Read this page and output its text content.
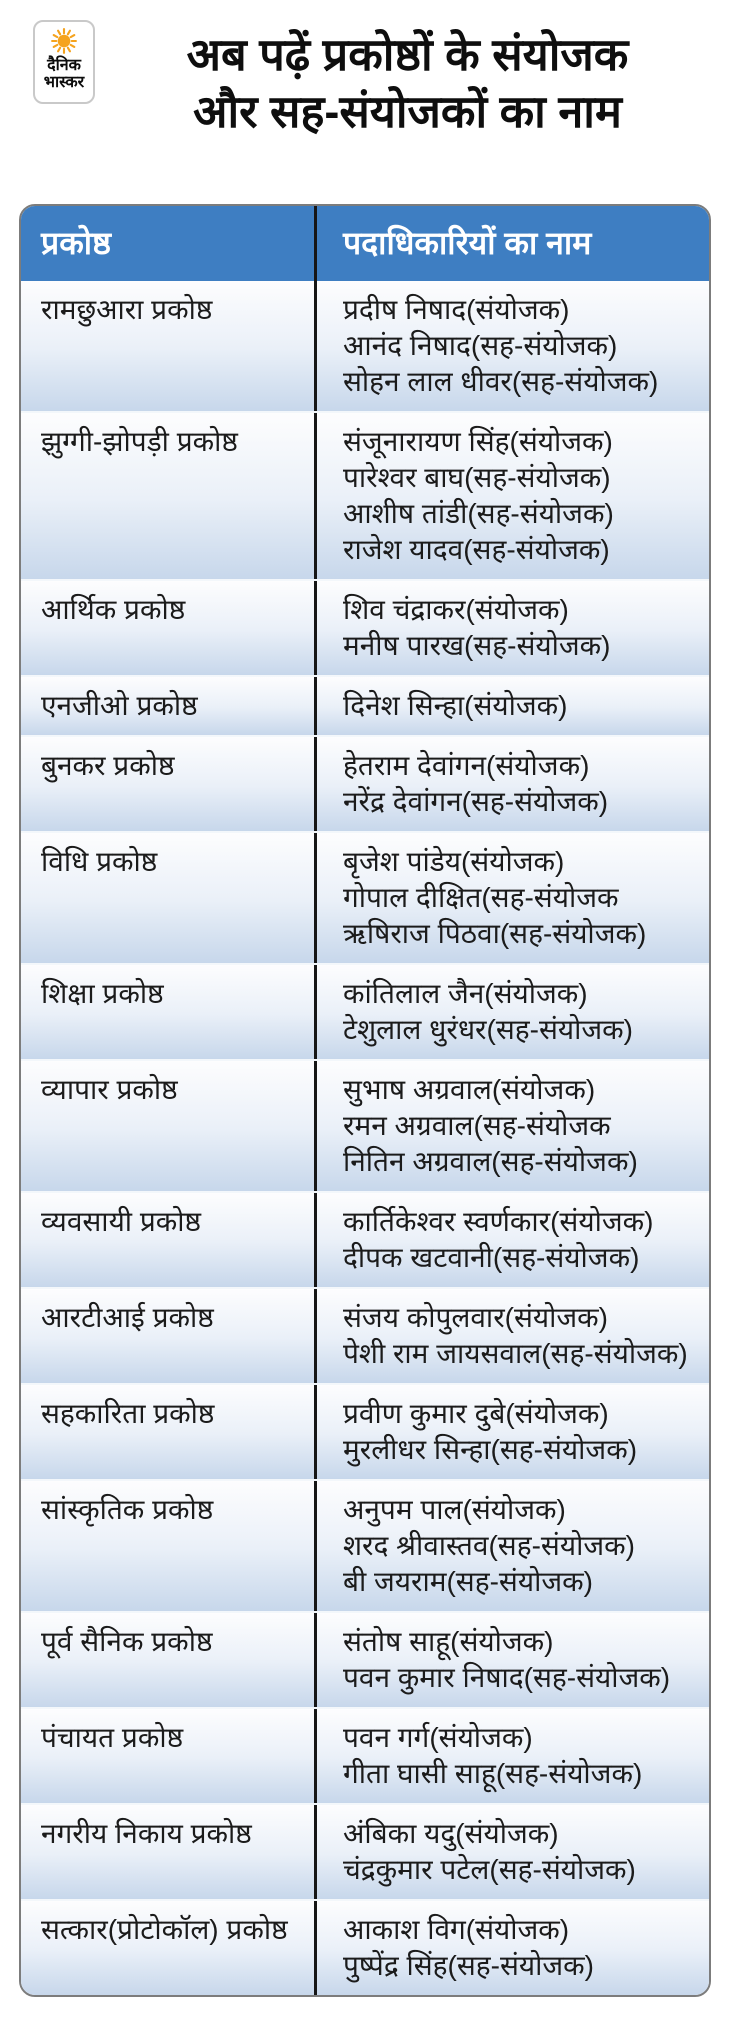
दैनिक
भास्कर
अब पढ़ें प्रकोष्ठों के संयोजक
और सह-संयोजकों का नाम
प्रकोष्ठ	पदाधिकारियों का नाम
रामछुआरा प्रकोष्ठ	प्रदीष निषाद(संयोजक)
आनंद निषाद(सह-संयोजक)
सोहन लाल धीवर(सह-संयोजक)
झुग्गी-झोपड़ी प्रकोष्ठ	संजूनारायण सिंह(संयोजक)
पारेश्वर बाघ(सह-संयोजक)
आशीष तांडी(सह-संयोजक)
राजेश यादव(सह-संयोजक)
आर्थिक प्रकोष्ठ	शिव चंद्राकर(संयोजक)
मनीष पारख(सह-संयोजक)
एनजीओ प्रकोष्ठ	दिनेश सिन्हा(संयोजक)
बुनकर प्रकोष्ठ	हेतराम देवांगन(संयोजक)
नरेंद्र देवांगन(सह-संयोजक)
विधि प्रकोष्ठ	बृजेश पांडेय(संयोजक)
गोपाल दीक्षित(सह-संयोजक
ऋषिराज पिठवा(सह-संयोजक)
शिक्षा प्रकोष्ठ	कांतिलाल जैन(संयोजक)
टेशुलाल धुरंधर(सह-संयोजक)
व्यापार प्रकोष्ठ	सुभाष अग्रवाल(संयोजक)
रमन अग्रवाल(सह-संयोजक
नितिन अग्रवाल(सह-संयोजक)
व्यवसायी प्रकोष्ठ	कार्तिकेश्वर स्वर्णकार(संयोजक)
दीपक खटवानी(सह-संयोजक)
आरटीआई प्रकोष्ठ	संजय कोपुलवार(संयोजक)
पेशी राम जायसवाल(सह-संयोजक)
सहकारिता प्रकोष्ठ	प्रवीण कुमार दुबे(संयोजक)
मुरलीधर सिन्हा(सह-संयोजक)
सांस्कृतिक प्रकोष्ठ	अनुपम पाल(संयोजक)
शरद श्रीवास्तव(सह-संयोजक)
बी जयराम(सह-संयोजक)
पूर्व सैनिक प्रकोष्ठ	संतोष साहू(संयोजक)
पवन कुमार निषाद(सह-संयोजक)
पंचायत प्रकोष्ठ	पवन गर्ग(संयोजक)
गीता घासी साहू(सह-संयोजक)
नगरीय निकाय प्रकोष्ठ	अंबिका यदु(संयोजक)
चंद्रकुमार पटेल(सह-संयोजक)
सत्कार(प्रोटोकॉल) प्रकोष्ठ	आकाश विग(संयोजक)
पुष्पेंद्र सिंह(सह-संयोजक)
